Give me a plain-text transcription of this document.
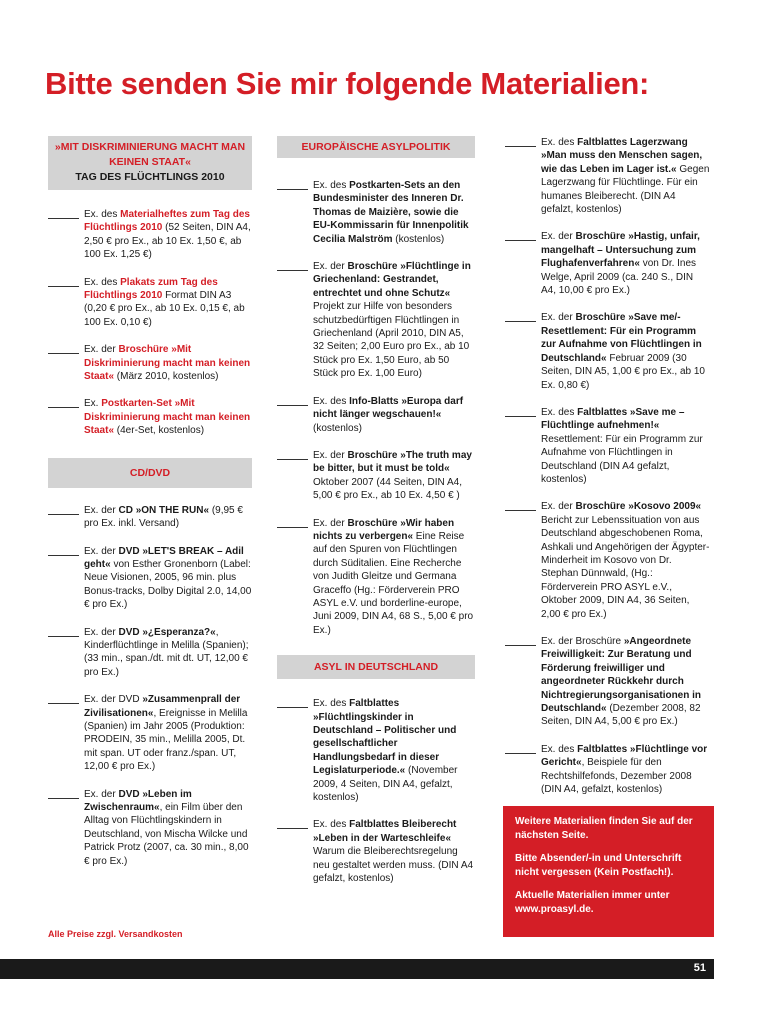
Bitte senden Sie mir folgende Materialien:
»MIT DISKRIMINIERUNG MACHT MAN KEINEN STAAT«
TAG DES FLÜCHTLINGS 2010
Ex. des Materialheftes zum Tag des Flüchtlings 2010 (52 Seiten, DIN A4, 2,50 € pro Ex., ab 10 Ex. 1,50 €, ab 100 Ex. 1,25 €)
Ex. des Plakats zum Tag des Flüchtlings 2010 Format DIN A3 (0,20 € pro Ex., ab 10 Ex. 0,15 €, ab 100 Ex. 0,10 €)
Ex. der Broschüre »Mit Diskriminierung macht man keinen Staat« (März 2010, kostenlos)
Ex. Postkarten-Set »Mit Diskriminierung macht man keinen Staat« (4er-Set, kostenlos)
CD/DVD
Ex. der CD »ON THE RUN« (9,95 € pro Ex. inkl. Versand)
Ex. der DVD »LET'S BREAK – Adil geht« von Esther Gronenborn (Label: Neue Visionen, 2005, 96 min. plus Bonus-tracks, Dolby Digital 2.0, 14,00 € pro Ex.)
Ex. der DVD »¿Esperanza?«, Kinderflüchtlinge in Melilla (Spanien); (33 min., span./dt. mit dt. UT, 12,00 € pro Ex.)
Ex. der DVD »Zusammenprall der Zivilisationen«, Ereignisse in Melilla (Spanien) im Jahr 2005 (Produktion: PRODEIN, 35 min., Melilla 2005, Dt. mit span. UT oder franz./span. UT, 12,00 € pro Ex.)
Ex. der DVD »Leben im Zwischenraum«, ein Film über den Alltag von Flüchtlingskindern in Deutschland, von Mischa Wilcke und Patrick Protz (2007, ca. 30 min., 8,00 € pro Ex.)
EUROPÄISCHE ASYLPOLITIK
Ex. des Postkarten-Sets an den Bundesminister des Inneren Dr. Thomas de Maizière, sowie die EU-Kommissarin für Innenpolitik Cecilia Malström (kostenlos)
Ex. der Broschüre »Flüchtlinge in Griechenland: Gestrandet, entrechtet und ohne Schutz« Projekt zur Hilfe von besonders schutzbedürftigen Flüchtlingen in Griechenland (April 2010, DIN A5, 32 Seiten; 2,00 Euro pro Ex., ab 10 Stück pro Ex. 1,50 Euro, ab 50 Stück pro Ex. 1,00 Euro)
Ex. des Info-Blatts »Europa darf nicht länger wegschauen!« (kostenlos)
Ex. der Broschüre »The truth may be bitter, but it must be told« Oktober 2007 (44 Seiten, DIN A4, 5,00 € pro Ex., ab 10 Ex. 4,50 € )
Ex. der Broschüre »Wir haben nichts zu verbergen« Eine Reise auf den Spuren von Flüchtlingen durch Süditalien. Eine Recherche von Judith Gleitze und Germana Graceffo (Hg.: Förderverein PRO ASYL e.V. und borderline-europe, Juni 2009, DIN A4, 68 S., 5,00 € pro Ex.)
ASYL IN DEUTSCHLAND
Ex. des Faltblattes »Flüchtlingskinder in Deutschland – Politischer und gesellschaftlicher Handlungsbedarf in dieser Legislaturperiode.« (November 2009, 4 Seiten, DIN A4, gefalzt, kostenlos)
Ex. des Faltblattes Bleiberecht »Leben in der Warteschleife« Warum die Bleiberechtsregelung neu gestaltet werden muss. (DIN A4 gefalzt, kostenlos)
Ex. des Faltblattes Lagerzwang »Man muss den Menschen sagen, wie das Leben im Lager ist.« Gegen Lagerzwang für Flüchtlinge. Für ein humanes Bleiberecht. (DIN A4 gefalzt, kostenlos)
Ex. der Broschüre »Hastig, unfair, mangelhaft – Untersuchung zum Flughafenverfahren« von Dr. Ines Welge, April 2009 (ca. 240 S., DIN A4, 10,00 € pro Ex.)
Ex. der Broschüre »Save me/- Resettlement: Für ein Programm zur Aufnahme von Flüchtlingen in Deutschland« Februar 2009 (30 Seiten, DIN A5, 1,00 € pro Ex., ab 10 Ex. 0,80 €)
Ex. des Faltblattes »Save me – Flüchtlinge aufnehmen!« Resettlement: Für ein Programm zur Aufnahme von Flüchtlingen in Deutschland (DIN A4 gefalzt, kostenlos)
Ex. der Broschüre »Kosovo 2009« Bericht zur Lebenssituation von aus Deutschland abgeschobenen Roma, Ashkali und Angehörigen der Ägypter-Minderheit im Kosovo von Dr. Stephan Dünnwald, (Hg.: Förderverein PRO ASYL e.V., Oktober 2009, DIN A4, 36 Seiten, 2,00 € pro Ex.)
Ex. der Broschüre »Angeordnete Freiwilligkeit: Zur Beratung und Förderung freiwilliger und angeordneter Rückkehr durch Nichtregierungsorganisationen in Deutschland« (Dezember 2008, 82 Seiten, DIN A4, 5,00 € pro Ex.)
Ex. des Faltblattes »Flüchtlinge vor Gericht«, Beispiele für den Rechtshilfefonds, Dezember 2008 (DIN A4, gefalzt, kostenlos)

Weitere Materialien finden Sie auf der nächsten Seite.

Bitte Absender/-in und Unterschrift nicht vergessen (Kein Postfach!).

Aktuelle Materialien immer unter www.proasyl.de.

Alle Preise zzgl. Versandkosten
51
